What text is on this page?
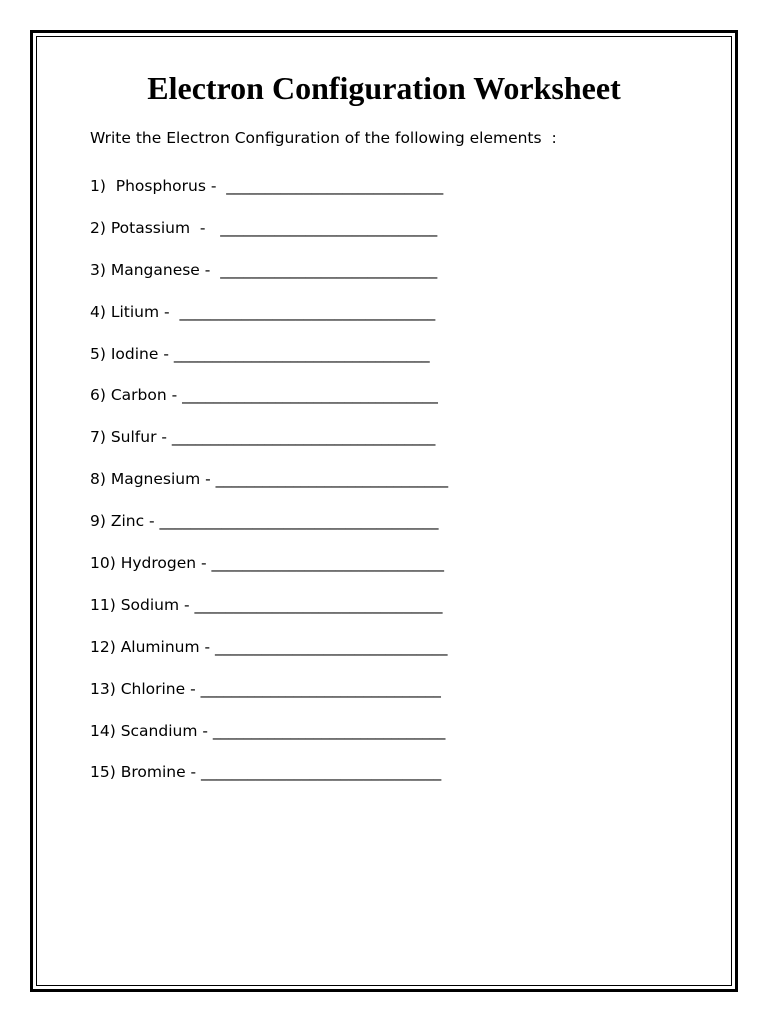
Electron Configuration Worksheet
Write the Electron Configuration of the following elements  :
1)  Phosphorus -  ____________________________
2) Potassium  -   ____________________________
3) Manganese -  ____________________________
4) Litium -  _________________________________
5) Iodine - _________________________________
6) Carbon - _________________________________
7) Sulfur - __________________________________
8) Magnesium - ______________________________
9) Zinc - ____________________________________
10) Hydrogen - ______________________________
11) Sodium - ________________________________
12) Aluminum - ______________________________
13) Chlorine - _______________________________
14) Scandium - ______________________________
15) Bromine - _______________________________
